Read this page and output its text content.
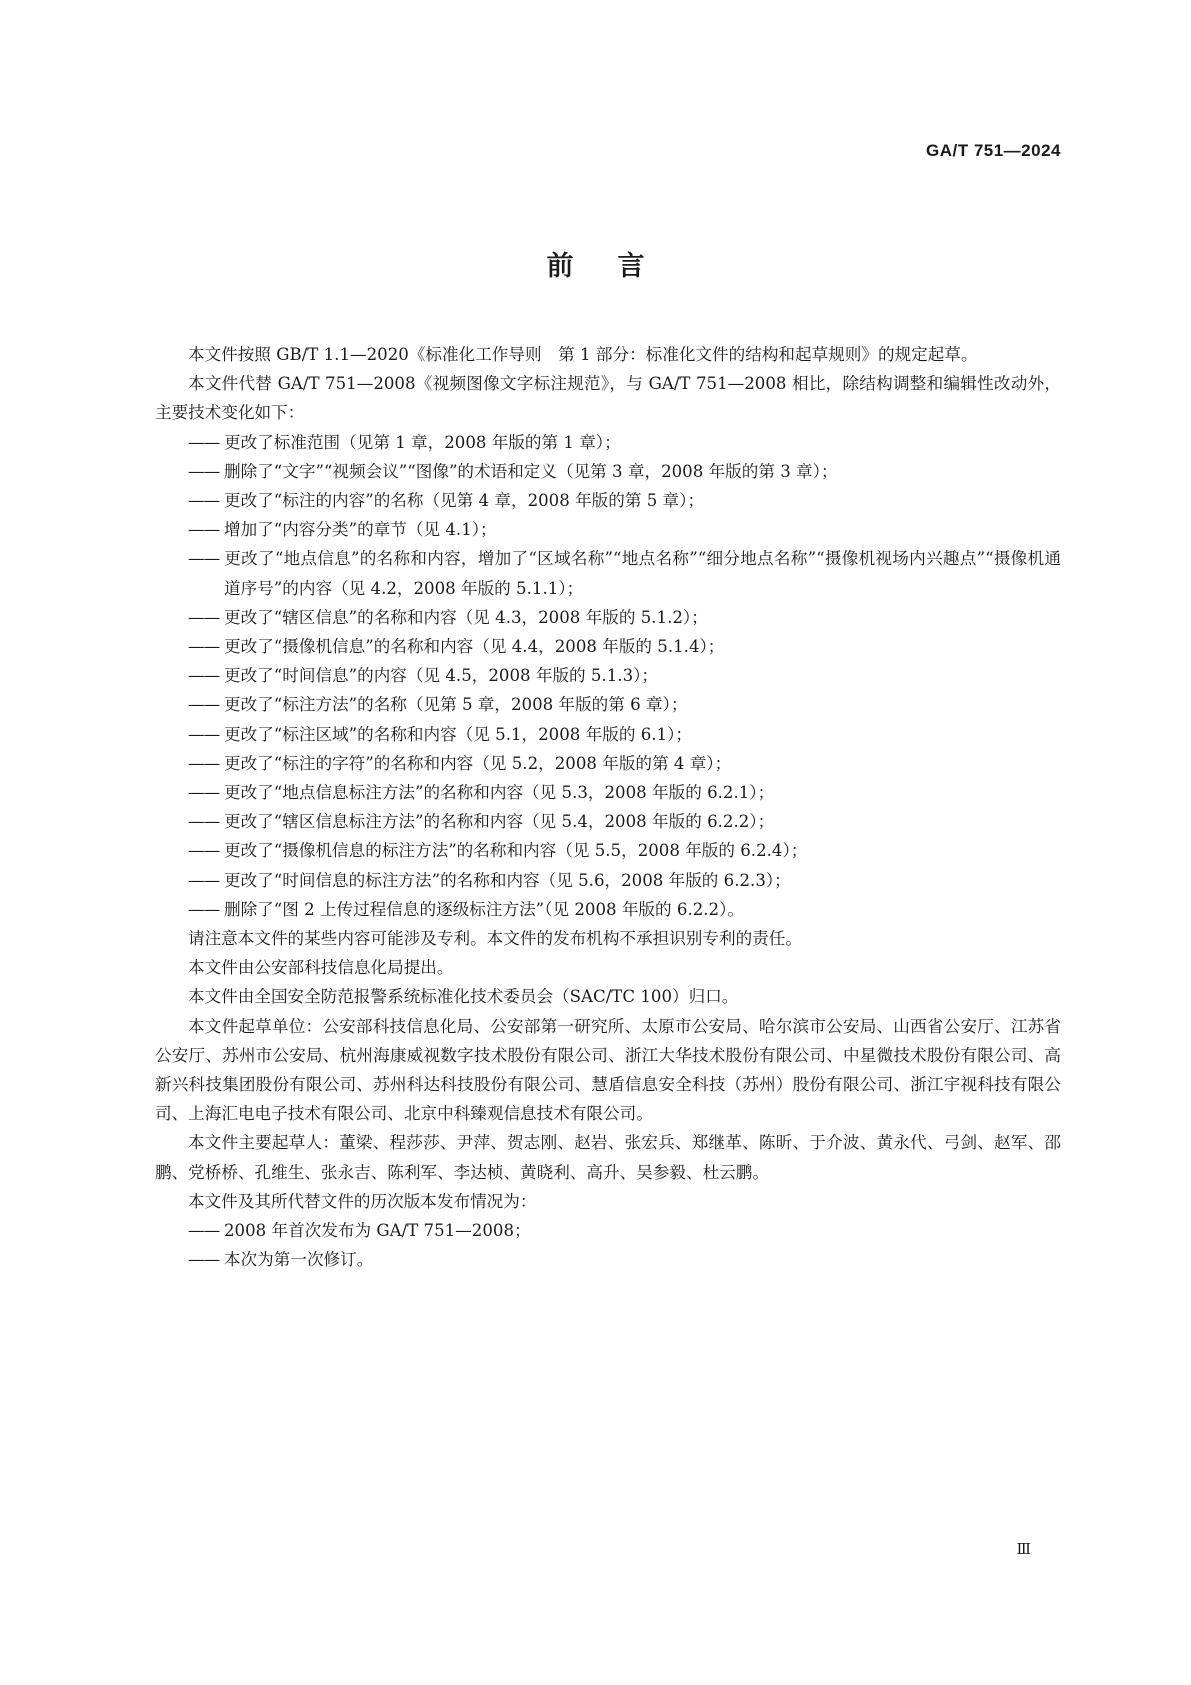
GA/T 751—2024
前言

本文件按照 GB/T 1.1—2020《标准化工作导则　第 1 部分：标准化文件的结构和起草规则》的规定起草。

本文件代替 GA/T 751—2008《视频图像文字标注规范》，与 GA/T 751—2008 相比，除结构调整和编辑性改动外，主要技术变化如下：

—— 更改了标准范围（见第 1 章，2008 年版的第 1 章）；

—— 删除了“文字”“视频会议”“图像”的术语和定义（见第 3 章，2008 年版的第 3 章）；

—— 更改了“标注的内容”的名称（见第 4 章，2008 年版的第 5 章）；

—— 增加了“内容分类”的章节（见 4.1）；

—— 更改了“地点信息”的名称和内容，增加了“区域名称”“地点名称”“细分地点名称”“摄像机视场内兴趣点”“摄像机通道序号”的内容（见 4.2，2008 年版的 5.1.1）；

—— 更改了“辖区信息”的名称和内容（见 4.3，2008 年版的 5.1.2）；

—— 更改了“摄像机信息”的名称和内容（见 4.4，2008 年版的 5.1.4）；

—— 更改了“时间信息”的内容（见 4.5，2008 年版的 5.1.3）；

—— 更改了“标注方法”的名称（见第 5 章，2008 年版的第 6 章）；

—— 更改了“标注区域”的名称和内容（见 5.1，2008 年版的 6.1）；

—— 更改了“标注的字符”的名称和内容（见 5.2，2008 年版的第 4 章）；

—— 更改了“地点信息标注方法”的名称和内容（见 5.3，2008 年版的 6.2.1）；

—— 更改了“辖区信息标注方法”的名称和内容（见 5.4，2008 年版的 6.2.2）；

—— 更改了“摄像机信息的标注方法”的名称和内容（见 5.5，2008 年版的 6.2.4）；

—— 更改了“时间信息的标注方法”的名称和内容（见 5.6，2008 年版的 6.2.3）；

—— 删除了“图 2 上传过程信息的逐级标注方法”（见 2008 年版的 6.2.2）。

请注意本文件的某些内容可能涉及专利。本文件的发布机构不承担识别专利的责任。

本文件由公安部科技信息化局提出。

本文件由全国安全防范报警系统标准化技术委员会（SAC/TC 100）归口。

本文件起草单位：公安部科技信息化局、公安部第一研究所、太原市公安局、哈尔滨市公安局、山西省公安厅、江苏省公安厅、苏州市公安局、杭州海康威视数字技术股份有限公司、浙江大华技术股份有限公司、中星微技术股份有限公司、高新兴科技集团股份有限公司、苏州科达科技股份有限公司、慧盾信息安全科技（苏州）股份有限公司、浙江宇视科技有限公司、上海汇电电子技术有限公司、北京中科臻观信息技术有限公司。

本文件主要起草人：董梁、程莎莎、尹萍、贺志刚、赵岩、张宏兵、郑继革、陈昕、于介波、黄永代、弓剑、赵军、邵鹏、党桥桥、孔维生、张永吉、陈利军、李达桢、黄晓利、高升、吴参毅、杜云鹏。

本文件及其所代替文件的历次版本发布情况为：

—— 2008 年首次发布为 GA/T 751—2008；

—— 本次为第一次修订。

Ⅲ
